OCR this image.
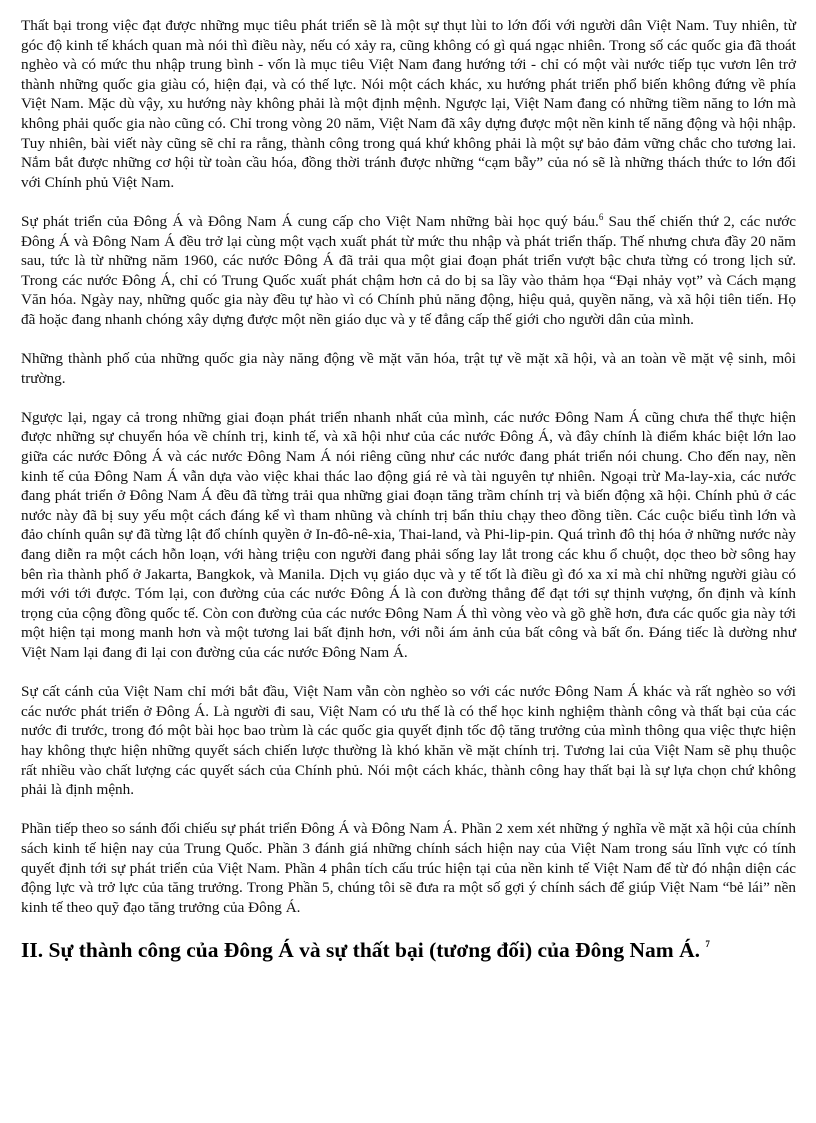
Thất bại trong việc đạt được những mục tiêu phát triển sẽ là một sự thụt lùi to lớn đối với người dân Việt Nam. Tuy nhiên, từ góc độ kinh tế khách quan mà nói thì điều này, nếu có xảy ra, cũng không có gì quá ngạc nhiên. Trong số các quốc gia đã thoát nghèo và có mức thu nhập trung bình - vốn là mục tiêu Việt Nam đang hướng tới - chỉ có một vài nước tiếp tục vươn lên trở thành những quốc gia giàu có, hiện đại, và có thế lực. Nói một cách khác, xu hướng phát triển phổ biến không đứng về phía Việt Nam. Mặc dù vậy, xu hướng này không phải là một định mệnh. Ngược lại, Việt Nam đang có những tiềm năng to lớn mà không phải quốc gia nào cũng có. Chỉ trong vòng 20 năm, Việt Nam đã xây dựng được một nền kinh tế năng động và hội nhập. Tuy nhiên, bài viết này cũng sẽ chỉ ra rằng, thành công trong quá khứ không phải là một sự bảo đảm vững chắc cho tương lai. Nắm bắt được những cơ hội từ toàn cầu hóa, đồng thời tránh được những “cạm bẫy” của nó sẽ là những thách thức to lớn đối với Chính phủ Việt Nam.

Sự phát triển của Đông Á và Đông Nam Á cung cấp cho Việt Nam những bài học quý báu.$^6$ Sau thế chiến thứ 2, các nước Đông Á và Đông Nam Á đều trở lại cùng một vạch xuất phát từ mức thu nhập và phát triển thấp. Thế nhưng chưa đầy 20 năm sau, tức là từ những năm 1960, các nước Đông Á đã trải qua một giai đoạn phát triển vượt bậc chưa từng có trong lịch sử. Trong các nước Đông Á, chỉ có Trung Quốc xuất phát chậm hơn cả do bị sa lầy vào thảm họa “Đại nhảy vọt” và Cách mạng Văn hóa. Ngày nay, những quốc gia này đều tự hào vì có Chính phủ năng động, hiệu quả, quyền năng, và xã hội tiên tiến. Họ đã hoặc đang nhanh chóng xây dựng được một nền giáo dục và y tế đẳng cấp thế giới cho người dân của mình.

Những thành phố của những quốc gia này năng động về mặt văn hóa, trật tự về mặt xã hội, và an toàn về mặt vệ sinh, môi trường.

Ngược lại, ngay cả trong những giai đoạn phát triển nhanh nhất của mình, các nước Đông Nam Á cũng chưa thể thực hiện được những sự chuyển hóa về chính trị, kinh tế, và xã hội như của các nước Đông Á, và đây chính là điểm khác biệt lớn lao giữa các nước Đông Á và các nước Đông Nam Á nói riêng cũng như các nước đang phát triển nói chung. Cho đến nay, nền kinh tế của Đông Nam Á vẫn dựa vào việc khai thác lao động giá rẻ và tài nguyên tự nhiên. Ngoại trừ Ma-lay-xia, các nước đang phát triển ở Đông Nam Á đều đã từng trải qua những giai đoạn tăng trầm chính trị và biến động xã hội. Chính phủ ở các nước này đã bị suy yếu một cách đáng kể vì tham nhũng và chính trị bẩn thỉu chạy theo đồng tiền. Các cuộc biểu tình lớn và đảo chính quân sự đã từng lật đổ chính quyền ở In-đô-nê-xia, Thai-land, và Phi-lip-pin. Quá trình đô thị hóa ở những nước này đang diễn ra một cách hỗn loạn, với hàng triệu con người đang phải sống lay lắt trong các khu ổ chuột, dọc theo bờ sông hay bên rìa thành phố ở Jakarta, Bangkok, và Manila. Dịch vụ giáo dục và y tế tốt là điều gì đó xa xỉ mà chỉ những người giàu có mới với tới được. Tóm lại, con đường của các nước Đông Á là con đường thẳng để đạt tới sự thịnh vượng, ổn định và kính trọng của cộng đồng quốc tế. Còn con đường của các nước Đông Nam Á thì vòng vèo và gồ ghề hơn, đưa các quốc gia này tới một hiện tại mong manh hơn và một tương lai bất định hơn, với nỗi ám ảnh của bất công và bất ổn. Đáng tiếc là dường như Việt Nam lại đang đi lại con đường của các nước Đông Nam Á.

Sự cất cánh của Việt Nam chỉ mới bắt đầu, Việt Nam vẫn còn nghèo so với các nước Đông Nam Á khác và rất nghèo so với các nước phát triển ở Đông Á. Là người đi sau, Việt Nam có ưu thế là có thể học kinh nghiệm thành công và thất bại của các nước đi trước, trong đó một bài học bao trùm là các quốc gia quyết định tốc độ tăng trưởng của mình thông qua việc thực hiện hay không thực hiện những quyết sách chiến lược thường là khó khăn về mặt chính trị. Tương lai của Việt Nam sẽ phụ thuộc rất nhiều vào chất lượng các quyết sách của Chính phủ. Nói một cách khác, thành công hay thất bại là sự lựa chọn chứ không phải là định mệnh.

Phần tiếp theo so sánh đối chiếu sự phát triển Đông Á và Đông Nam Á. Phần 2 xem xét những ý nghĩa về mặt xã hội của chính sách kinh tế hiện nay của Trung Quốc. Phần 3 đánh giá những chính sách hiện nay của Việt Nam trong sáu lĩnh vực có tính quyết định tới sự phát triển của Việt Nam. Phần 4 phân tích cấu trúc hiện tại của nền kinh tế Việt Nam để từ đó nhận diện các động lực và trở lực của tăng trưởng. Trong Phần 5, chúng tôi sẽ đưa ra một số gợi ý chính sách để giúp Việt Nam “bẻ lái” nền kinh tế theo quỹ đạo tăng trưởng của Đông Á.

II. Sự thành công của Đông Á và sự thất bại (tương đối) của Đông Nam Á. $^7$
